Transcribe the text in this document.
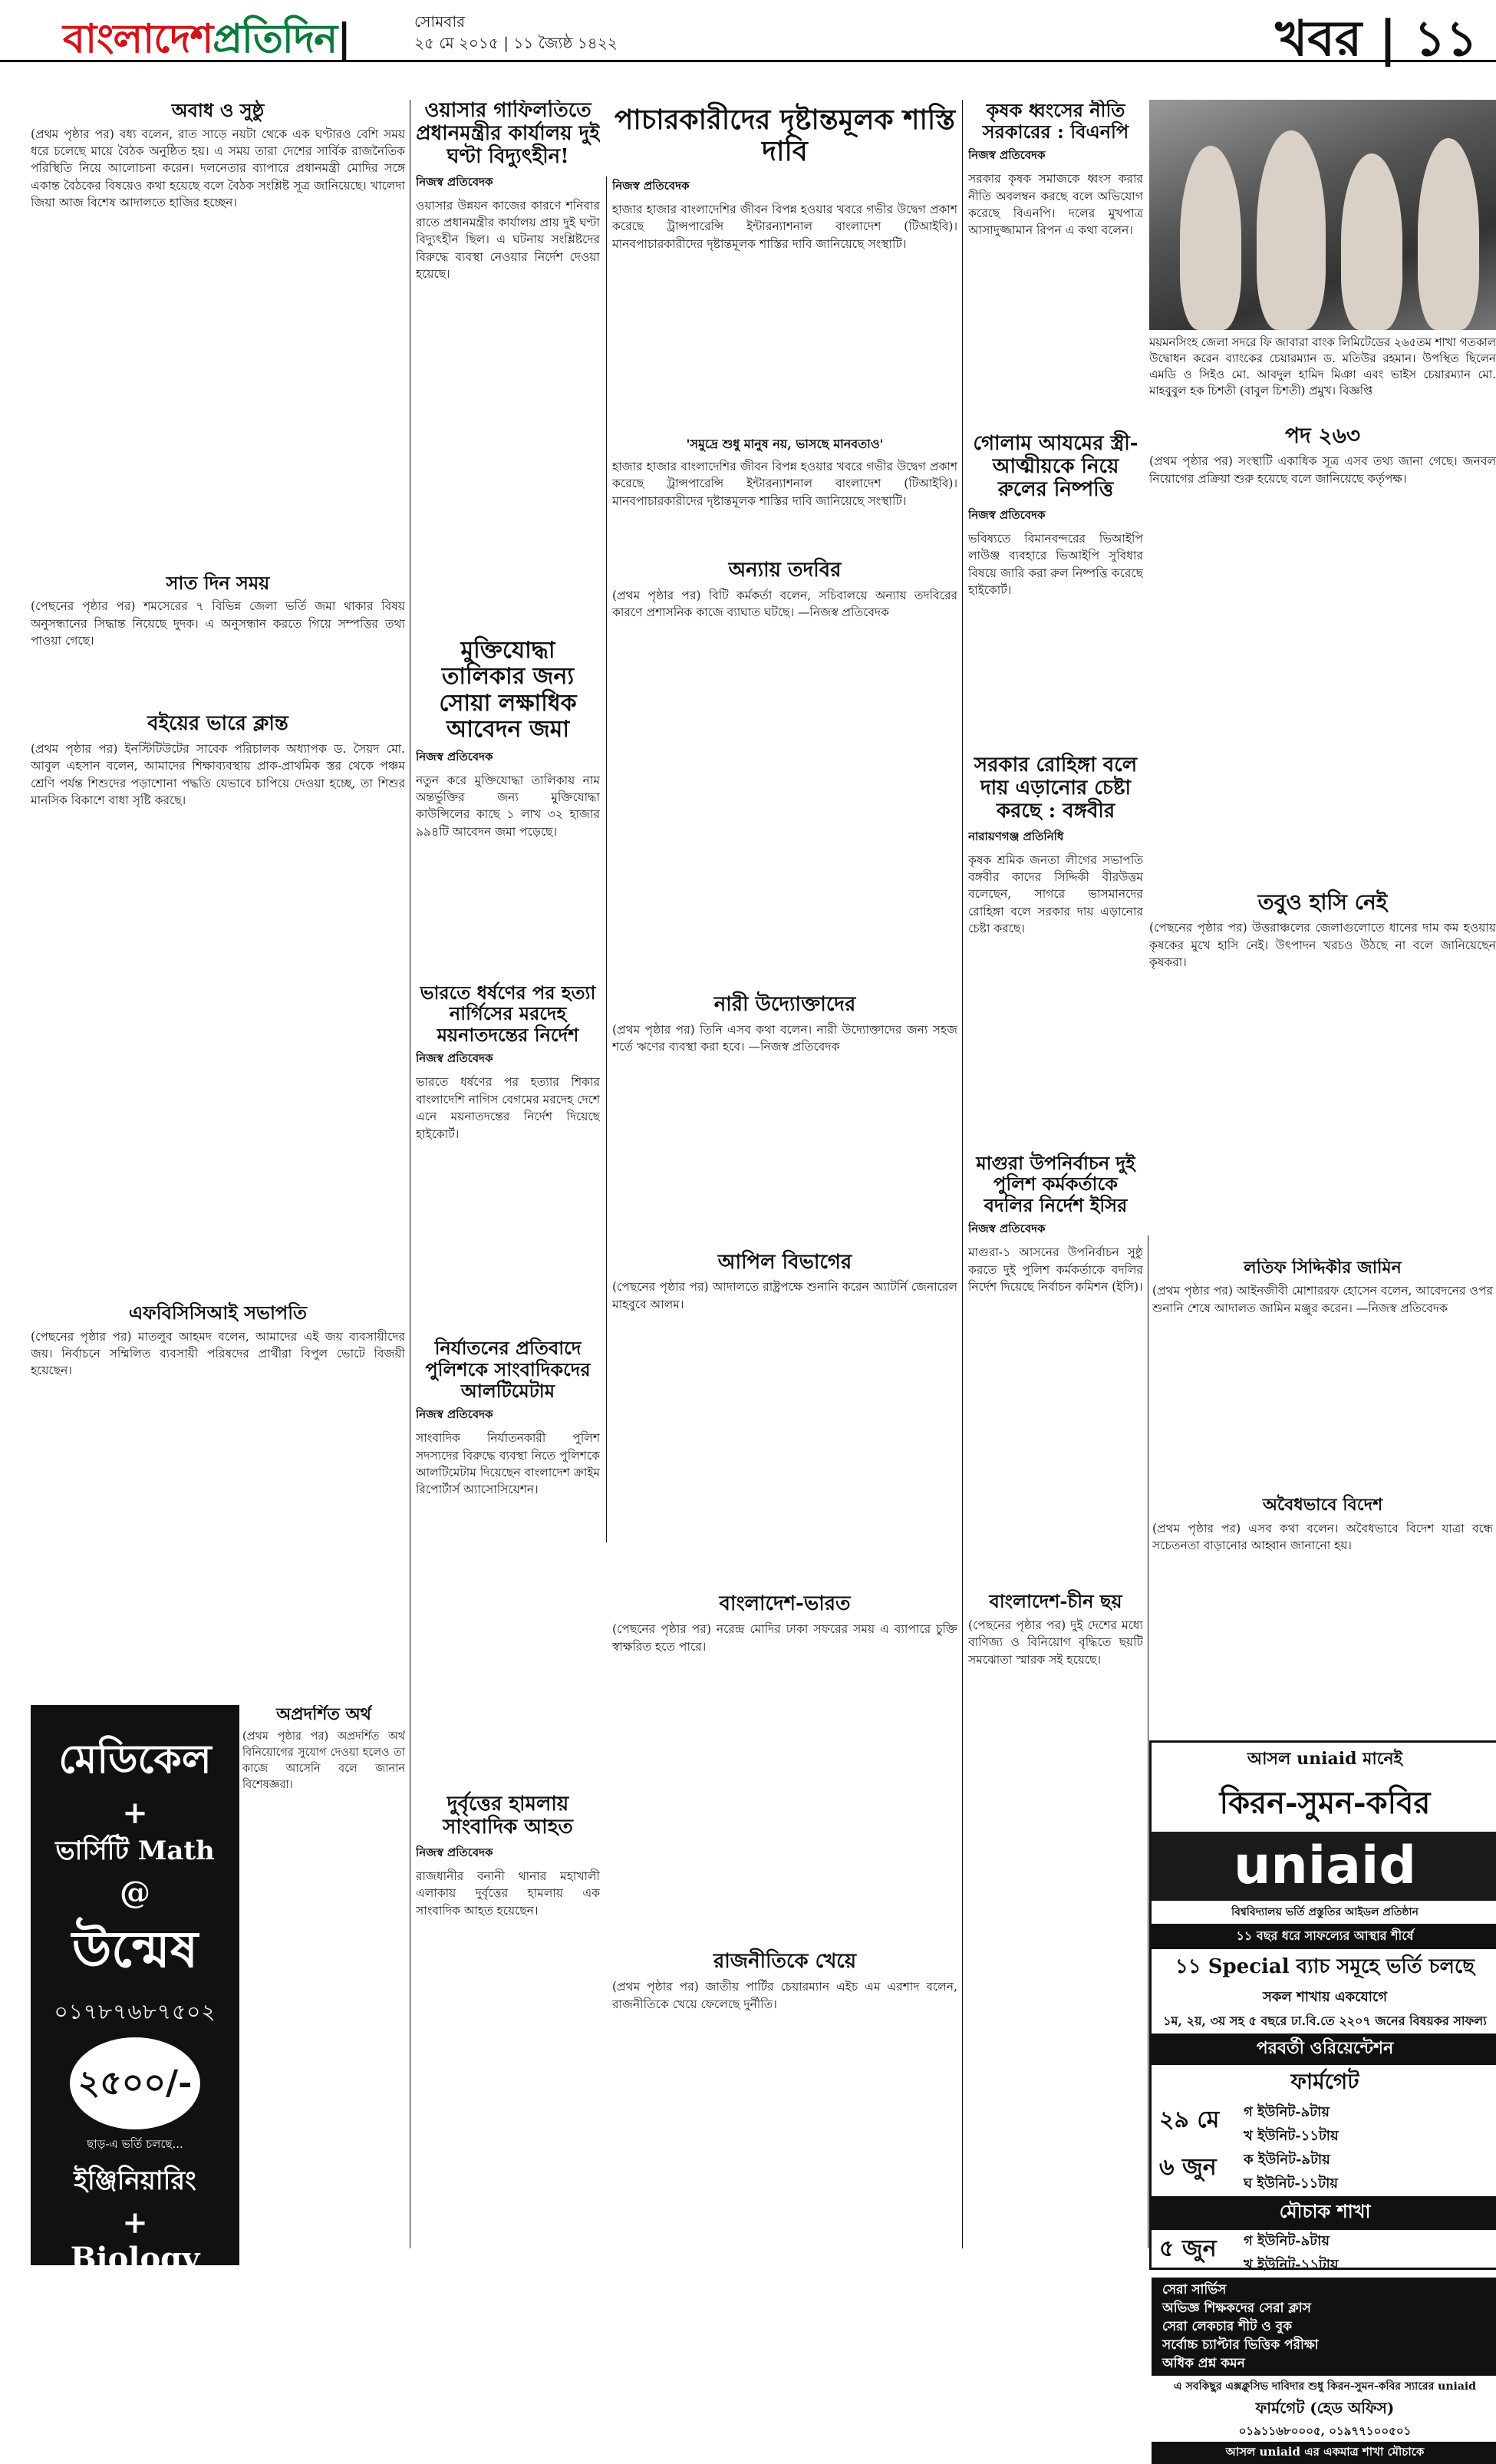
বাংলাদেশপ্রতিদিন|	সোমবার
২৫ মে ২০১৫ | ১১ জ্যৈষ্ঠ ১৪২২	খবর | ১১
অবাধ ও সুষ্ঠু
(প্রথম পৃষ্ঠার পর) বধ্য বলেন, রাত সাড়ে নয়টা থেকে এক ঘণ্টারও বেশি সময় ধরে চলেছে মায়ে বৈঠক অনুষ্ঠিত হয়। এ সময় তারা দেশের সার্বিক রাজনৈতিক পরিস্থিতি নিয়ে আলোচনা করেন। দলনেতার ব্যাপারে প্রধানমন্ত্রী মোদির সঙ্গে একান্ত বৈঠকের বিষয়েও কথা হয়েছে বলে বৈঠক সংশ্লিষ্ট সূত্র জানিয়েছে। খালেদা জিয়া আজ বিশেষ আদালতে হাজির হচ্ছেন।
সাত দিন সময়
(পেছনের পৃষ্ঠার পর) শমসেরের ৭ বিভিন্ন জেলা ভর্তি জমা থাকার বিষয় অনুসন্ধানের সিদ্ধান্ত নিয়েছে দুদক। এ অনুসন্ধান করতে গিয়ে সম্পত্তির তথ্য পাওয়া গেছে।
বইয়ের ভারে ক্লান্ত
(প্রথম পৃষ্ঠার পর) ইনস্টিটিউটের সাবেক পরিচালক অধ্যাপক ড. সৈয়দ মো. আবুল এহসান বলেন, আমাদের শিক্ষাব্যবস্থায় প্রাক-প্রাথমিক স্তর থেকে পঞ্চম শ্রেণি পর্যন্ত শিশুদের পড়াশোনা পদ্ধতি যেভাবে চাপিয়ে দেওয়া হচ্ছে, তা শিশুর মানসিক বিকাশে বাধা সৃষ্টি করছে।
এফবিসিসিআই সভাপতি
(পেছনের পৃষ্ঠার পর) মাতলুব আহমদ বলেন, আমাদের এই জয় ব্যবসায়ীদের জয়। নির্বাচনে সম্মিলিত ব্যবসায়ী পরিষদের প্রার্থীরা বিপুল ভোটে বিজয়ী হয়েছেন।
ওয়াসার গাফিলতিতে প্রধানমন্ত্রীর কার্যালয় দুই ঘণ্টা বিদ্যুৎহীন!
নিজস্ব প্রতিবেদক
ওয়াসার উন্নয়ন কাজের কারণে শনিবার রাতে প্রধানমন্ত্রীর কার্যালয় প্রায় দুই ঘণ্টা বিদ্যুৎহীন ছিল। এ ঘটনায় সংশ্লিষ্টদের বিরুদ্ধে ব্যবস্থা নেওয়ার নির্দেশ দেওয়া হয়েছে।
মুক্তিযোদ্ধা তালিকার জন্য সোয়া লক্ষাধিক আবেদন জমা
নিজস্ব প্রতিবেদক
নতুন করে মুক্তিযোদ্ধা তালিকায় নাম অন্তর্ভুক্তির জন্য মুক্তিযোদ্ধা কাউন্সিলের কাছে ১ লাখ ৩২ হাজার ৯৯৪টি আবেদন জমা পড়েছে।
ভারতে ধর্ষণের পর হত্যা নার্গিসের মরদেহ ময়নাতদন্তের নির্দেশ
নিজস্ব প্রতিবেদক
ভারতে ধর্ষণের পর হত্যার শিকার বাংলাদেশি নাগিস বেগমের মরদেহ দেশে এনে ময়নাতদন্তের নির্দেশ দিয়েছে হাইকোর্ট।
নির্যাতনের প্রতিবাদে পুলিশকে সাংবাদিকদের আলটিমেটাম
নিজস্ব প্রতিবেদক
সাংবাদিক নির্যাতনকারী পুলিশ সদস্যদের বিরুদ্ধে ব্যবস্থা নিতে পুলিশকে আলটিমেটাম দিয়েছেন বাংলাদেশ ক্রাইম রিপোর্টার্স অ্যাসোসিয়েশন।
দুর্বৃত্তের হামলায় সাংবাদিক আহত
নিজস্ব প্রতিবেদক
রাজধানীর বনানী থানার মহাখালী এলাকায় দুর্বৃত্তের হামলায় এক সাংবাদিক আহত হয়েছেন।
অপ্রদর্শিত অর্থ
(প্রথম পৃষ্ঠার পর) অপ্রদর্শিত অর্থ বিনিয়োগের সুযোগ দেওয়া হলেও তা কাজে আসেনি বলে জানান বিশেষজ্ঞরা।
পাচারকারীদের দৃষ্টান্তমূলক শাস্তি দাবি
নিজস্ব প্রতিবেদক
হাজার হাজার বাংলাদেশির জীবন বিপন্ন হওয়ার খবরে গভীর উদ্বেগ প্রকাশ করেছে ট্রান্সপারেন্সি ইন্টারন্যাশনাল বাংলাদেশ (টিআইবি)। মানবপাচারকারীদের দৃষ্টান্তমূলক শাস্তির দাবি জানিয়েছে সংস্থাটি।
'সমুদ্রে শুধু মানুষ নয়, ভাসছে মানবতাও'
হাজার হাজার বাংলাদেশির জীবন বিপন্ন হওয়ার খবরে গভীর উদ্বেগ প্রকাশ করেছে ট্রান্সপারেন্সি ইন্টারন্যাশনাল বাংলাদেশ (টিআইবি)। মানবপাচারকারীদের দৃষ্টান্তমূলক শাস্তির দাবি জানিয়েছে সংস্থাটি।
অন্যায় তদবির
(প্রথম পৃষ্ঠার পর) বিটি কর্মকর্তা বলেন, সচিবালয়ে অন্যায় তদবিরের কারণে প্রশাসনিক কাজে ব্যাঘাত ঘটছে। —নিজস্ব প্রতিবেদক
নারী উদ্যোক্তাদের
(প্রথম পৃষ্ঠার পর) তিনি এসব কথা বলেন। নারী উদ্যোক্তাদের জন্য সহজ শর্তে ঋণের ব্যবস্থা করা হবে। —নিজস্ব প্রতিবেদক
আপিল বিভাগের
(পেছনের পৃষ্ঠার পর) আদালতে রাষ্ট্রপক্ষে শুনানি করেন অ্যাটর্নি জেনারেল মাহবুবে আলম।
বাংলাদেশ-ভারত
(পেছনের পৃষ্ঠার পর) নরেন্দ্র মোদির ঢাকা সফরের সময় এ ব্যাপারে চুক্তি স্বাক্ষরিত হতে পারে।
রাজনীতিকে খেয়ে
(প্রথম পৃষ্ঠার পর) জাতীয় পার্টির চেয়ারম্যান এইচ এম এরশাদ বলেন, রাজনীতিকে খেয়ে ফেলেছে দুর্নীতি।
কৃষক ধ্বংসের নীতি সরকারের : বিএনপি
নিজস্ব প্রতিবেদক
সরকার কৃষক সমাজকে ধ্বংস করার নীতি অবলম্বন করছে বলে অভিযোগ করেছে বিএনপি। দলের মুখপাত্র আসাদুজ্জামান রিপন এ কথা বলেন।
গোলাম আযমের স্ত্রী-আত্মীয়কে নিয়ে রুলের নিষ্পত্তি
নিজস্ব প্রতিবেদক
ভবিষ্যতে বিমানবন্দরের ভিআইপি লাউঞ্জ ব্যবহারে ভিআইপি সুবিধার বিষয়ে জারি করা রুল নিষ্পত্তি করেছে হাইকোর্ট।
সরকার রোহিঙ্গা বলে দায় এড়ানোর চেষ্টা করছে : বঙ্গবীর
নারায়ণগঞ্জ প্রতিনিধি
কৃষক শ্রমিক জনতা লীগের সভাপতি বঙ্গবীর কাদের সিদ্দিকী বীরউত্তম বলেছেন, সাগরে ভাসমানদের রোহিঙ্গা বলে সরকার দায় এড়ানোর চেষ্টা করছে।
মাগুরা উপনির্বাচন দুই পুলিশ কর্মকর্তাকে বদলির নির্দেশ ইসির
নিজস্ব প্রতিবেদক
মাগুরা-১ আসনের উপনির্বাচন সুষ্ঠু করতে দুই পুলিশ কর্মকর্তাকে বদলির নির্দেশ দিয়েছে নির্বাচন কমিশন (ইসি)।
বাংলাদেশ-চীন ছয়
(পেছনের পৃষ্ঠার পর) দুই দেশের মধ্যে বাণিজ্য ও বিনিয়োগ বৃদ্ধিতে ছয়টি সমঝোতা স্মারক সই হয়েছে।
ময়মনসিংহ জেলা সদরে ফি জাবারা বাংক লিমিটেডের ২৬৫তম শাখা গতকাল উদ্বোধন করেন ব্যাংকের চেয়ারম্যান ড. মতিউর রহমান। উপস্থিত ছিলেন এমডি ও সিইও মো. আবদুল হামিদ মিঞা এবং ভাইস চেয়ারম্যান মো. মাহবুবুল হক চিশতী (বাবুল চিশতী) প্রমুখ। বিজ্ঞপ্তি
পদ ২৬৩
(প্রথম পৃষ্ঠার পর) সংস্থাটি একাধিক সূত্র এসব তথ্য জানা গেছে। জনবল নিয়োগের প্রক্রিয়া শুরু হয়েছে বলে জানিয়েছে কর্তৃপক্ষ।
তবুও হাসি নেই
(পেছনের পৃষ্ঠার পর) উত্তরাঞ্চলের জেলাগুলোতে ধানের দাম কম হওয়ায় কৃষকের মুখে হাসি নেই। উৎপাদন খরচও উঠছে না বলে জানিয়েছেন কৃষকরা।
লতিফ সিদ্দিকীর জামিন
(প্রথম পৃষ্ঠার পর) আইনজীবী মোশাররফ হোসেন বলেন, আবেদনের ওপর শুনানি শেষে আদালত জামিন মঞ্জুর করেন। —নিজস্ব প্রতিবেদক
অবৈধভাবে বিদেশ
(প্রথম পৃষ্ঠার পর) এসব কথা বলেন। অবৈধভাবে বিদেশ যাত্রা বন্ধে সচেতনতা বাড়ানোর আহ্বান জানানো হয়।
মেডিকেল
+
ভার্সিটি Math
@
উন্মেষ
০১৭৮৭৬৮৭৫০২
২৫০০/-
ছাড়-এ ভর্তি চলছে...
ইঞ্জিনিয়ারিং
+
Biology
@
উদ্ভাস
০১৮১১১৬১১৬
আসল uniaid মানেই
কিরন-সুমন-কবির
uniaid
বিশ্ববিদ্যালয় ভর্তি প্রস্তুতির আইডল প্রতিষ্ঠান
১১ বছর ধরে সাফল্যের আস্থার শীর্ষে
১১ Special ব্যাচ সমূহে ভর্তি চলছে
সকল শাখায় একযোগে
১ম, ২য়, ৩য় সহ ৫ বছরে ঢা.বি.তে ২২০৭ জনের বিষয়কর সাফল্য
পরবর্তী ওরিয়েন্টেশন
ফার্মগেট
২৯ মে	গ ইউনিট-৯টায়
খ ইউনিট-১১টায়
৬ জুন	ক ইউনিট-৯টায়
ঘ ইউনিট-১১টায়
মৌচাক শাখা
৫ জুন	গ ইউনিট-৯টায়
খ ইউনিট-১১টায়
সেরা সার্ভিস
অভিজ্ঞ শিক্ষকদের সেরা ক্লাস
সেরা লেকচার শীট ও বুক
সর্বোচ্চ চ্যাপ্টার ভিত্তিক পরীক্ষা
অধিক প্রশ্ন কমন
এ সবকিছুর এক্সক্লুসিভ দাবিদার শুধু কিরন-সুমন-কবির স্যারের uniaid
ফার্মগেট (হেড অফিস)
০১৯১১৬৮০০০৫, ০১৯৭৭১০০৫০১
আসল uniaid এর একমাত্র শাখা মৌচাকে
